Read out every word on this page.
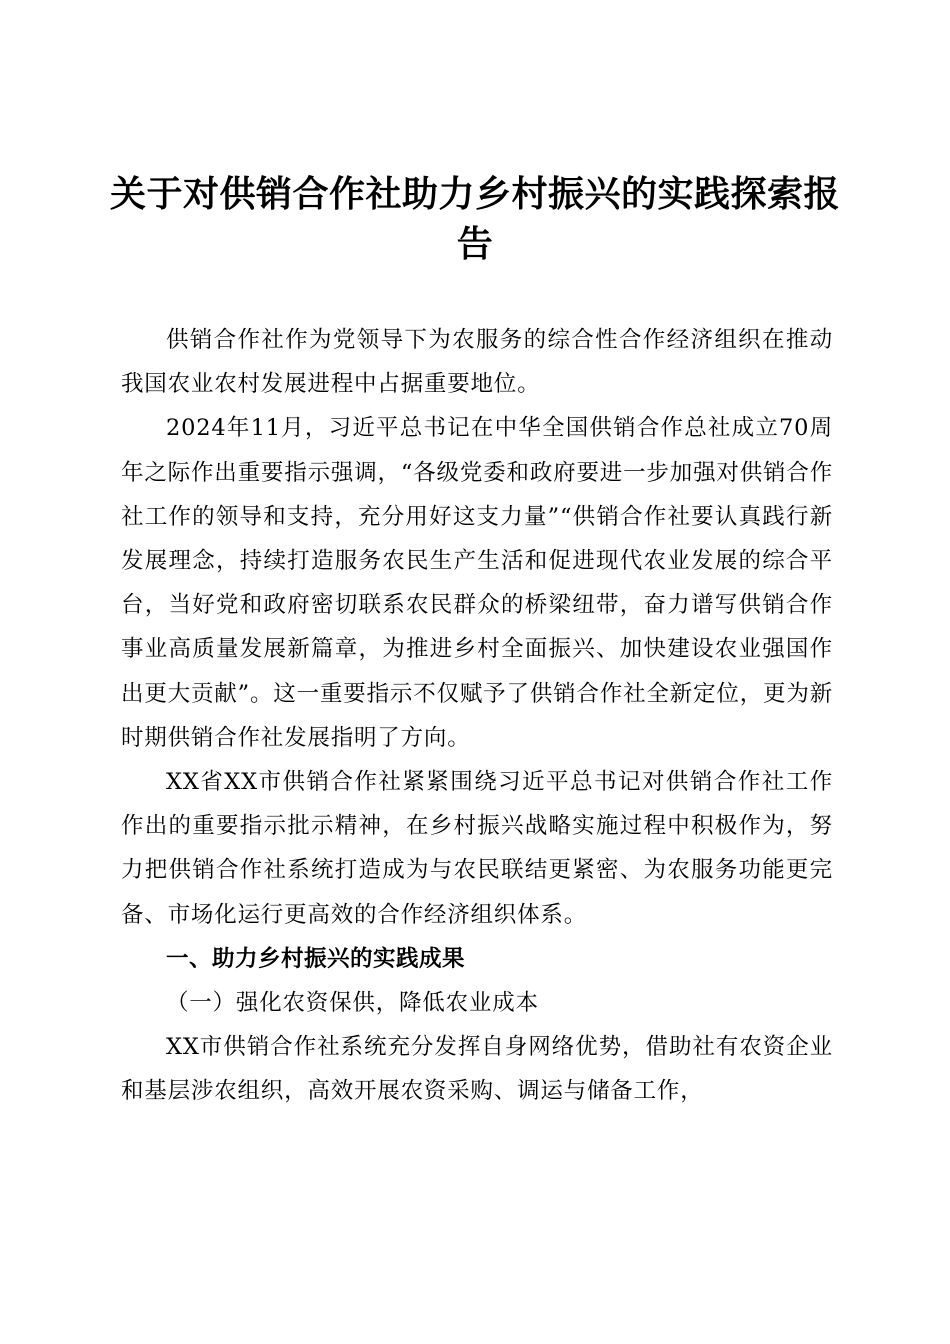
关于对供销合作社助力乡村振兴的实践探索报告

供销合作社作为党领导下为农服务的综合性合作经济组织在推动我国农业农村发展进程中占据重要地位。

2024年11月，习近平总书记在中华全国供销合作总社成立70周年之际作出重要指示强调，“各级党委和政府要进一步加强对供销合作社工作的领导和支持，充分用好这支力量”“供销合作社要认真践行新发展理念，持续打造服务农民生产生活和促进现代农业发展的综合平台，当好党和政府密切联系农民群众的桥梁纽带，奋力谱写供销合作事业高质量发展新篇章，为推进乡村全面振兴、加快建设农业强国作出更大贡献”。这一重要指示不仅赋予了供销合作社全新定位，更为新时期供销合作社发展指明了方向。

XX省XX市供销合作社紧紧围绕习近平总书记对供销合作社工作作出的重要指示批示精神，在乡村振兴战略实施过程中积极作为，努力把供销合作社系统打造成为与农民联结更紧密、为农服务功能更完备、市场化运行更高效的合作经济组织体系。

一、助力乡村振兴的实践成果

（一）强化农资保供，降低农业成本

XX市供销合作社系统充分发挥自身网络优势，借助社有农资企业和基层涉农组织，高效开展农资采购、调运与储备工作，
